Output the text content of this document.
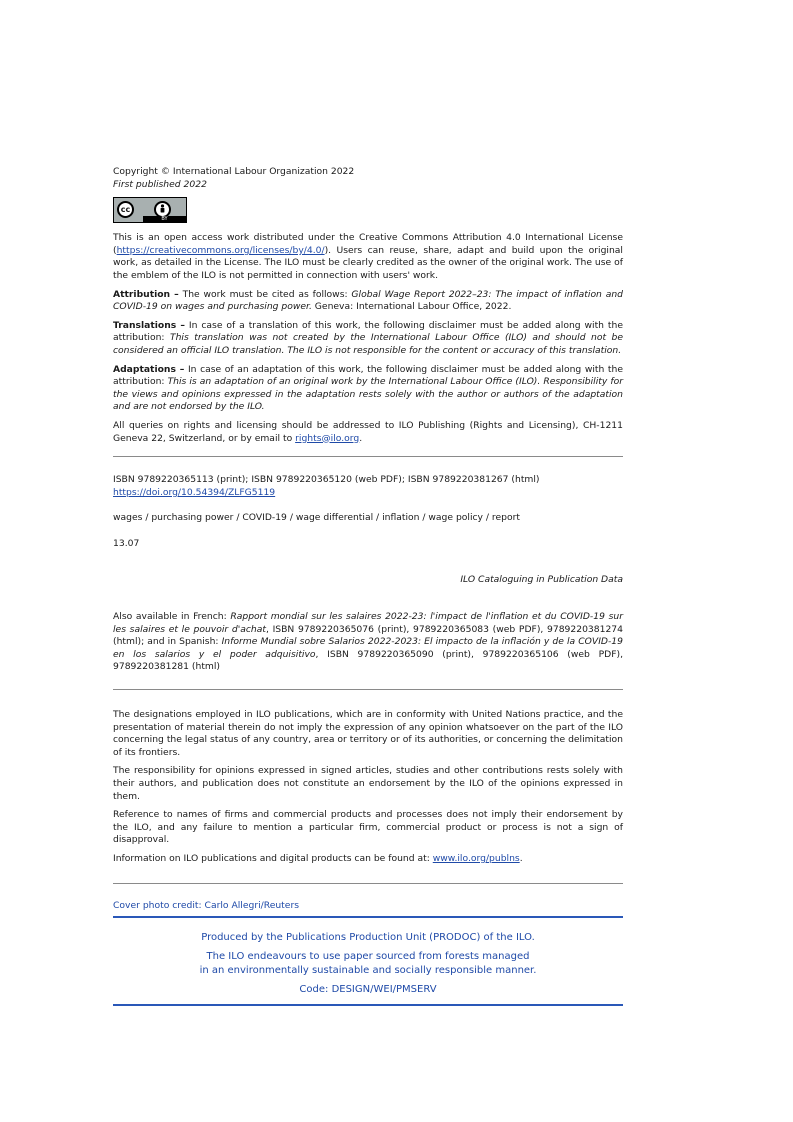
Copyright © International Labour Organization 2022

First published 2022

cc
BY

This is an open access work distributed under the Creative Commons Attribution 4.0 International License (https://creativecommons.org/licenses/by/4.0/). Users can reuse, share, adapt and build upon the original work, as detailed in the License. The ILO must be clearly credited as the owner of the original work. The use of the emblem of the ILO is not permitted in connection with users' work.

Attribution – The work must be cited as follows: Global Wage Report 2022–23: The impact of inflation and COVID-19 on wages and purchasing power. Geneva: International Labour Office, 2022.

Translations – In case of a translation of this work, the following disclaimer must be added along with the attribution: This translation was not created by the International Labour Office (ILO) and should not be considered an official ILO translation. The ILO is not responsible for the content or accuracy of this translation.

Adaptations – In case of an adaptation of this work, the following disclaimer must be added along with the attribution: This is an adaptation of an original work by the International Labour Office (ILO). Responsibility for the views and opinions expressed in the adaptation rests solely with the author or authors of the adaptation and are not endorsed by the ILO.

All queries on rights and licensing should be addressed to ILO Publishing (Rights and Licensing), CH-1211 Geneva 22, Switzerland, or by email to rights@ilo.org.

ISBN 9789220365113 (print); ISBN 9789220365120 (web PDF); ISBN 9789220381267 (html)

https://doi.org/10.54394/ZLFG5119

wages / purchasing power / COVID-19 / wage differential / inflation / wage policy / report

13.07

ILO Cataloguing in Publication Data

Also available in French: Rapport mondial sur les salaires 2022-23: l'impact de l'inflation et du COVID-19 sur les salaires et le pouvoir d'achat, ISBN 9789220365076 (print), 9789220365083 (web PDF), 9789220381274 (html); and in Spanish: Informe Mundial sobre Salarios 2022-2023: El impacto de la inflación y de la COVID-19 en los salarios y el poder adquisitivo, ISBN 9789220365090 (print), 9789220365106 (web PDF), 9789220381281 (html)

The designations employed in ILO publications, which are in conformity with United Nations practice, and the presentation of material therein do not imply the expression of any opinion whatsoever on the part of the ILO concerning the legal status of any country, area or territory or of its authorities, or concerning the delimitation of its frontiers.

The responsibility for opinions expressed in signed articles, studies and other contributions rests solely with their authors, and publication does not constitute an endorsement by the ILO of the opinions expressed in them.

Reference to names of firms and commercial products and processes does not imply their endorsement by the ILO, and any failure to mention a particular firm, commercial product or process is not a sign of disapproval.

Information on ILO publications and digital products can be found at: www.ilo.org/publns.

Cover photo credit: Carlo Allegri/Reuters

Produced by the Publications Production Unit (PRODOC) of the ILO.

The ILO endeavours to use paper sourced from forests managed

in an environmentally sustainable and socially responsible manner.

Code: DESIGN/WEI/PMSERV
